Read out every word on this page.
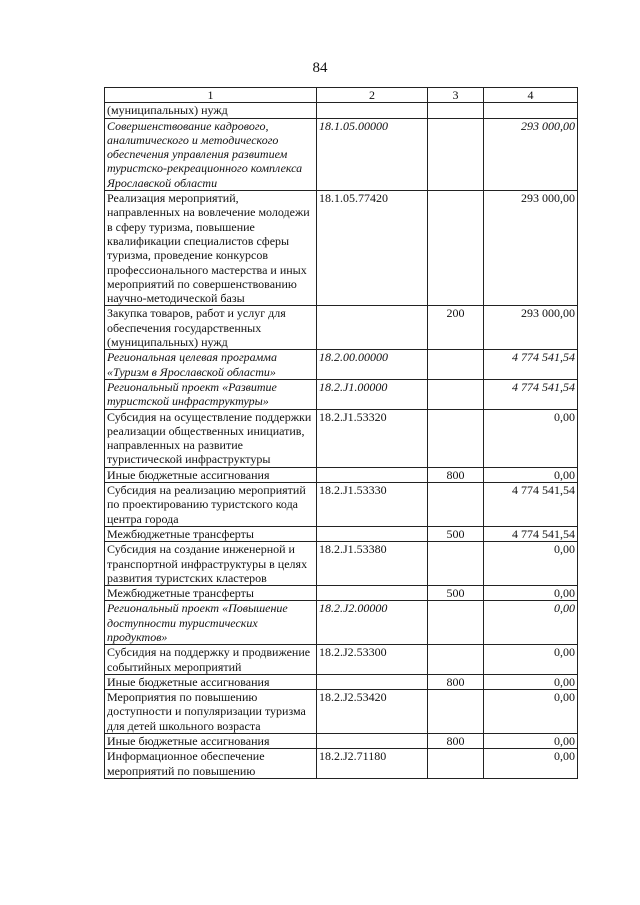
84
1	2	3	4
(муниципальных) нужд			
Совершенствование кадрового, аналитического и методического обеспечения управления развитием туристско-рекреационного комплекса Ярославской области	18.1.05.00000		293 000,00
Реализация мероприятий, направленных на вовлечение молодежи в сферу туризма, повышение квалификации специалистов сферы туризма, проведение конкурсов профессионального мастерства и иных мероприятий по совершенствованию научно-методической базы	18.1.05.77420		293 000,00
Закупка товаров, работ и услуг для обеспечения государственных (муниципальных) нужд		200	293 000,00
Региональная целевая программа «Туризм в Ярославской области»	18.2.00.00000		4 774 541,54
Региональный проект «Развитие туристской инфраструктуры»	18.2.J1.00000		4 774 541,54
Субсидия на осуществление поддержки реализации общественных инициатив, направленных на развитие туристической инфраструктуры	18.2.J1.53320		0,00
Иные бюджетные ассигнования		800	0,00
Субсидия на реализацию мероприятий по проектированию туристского кода центра города	18.2.J1.53330		4 774 541,54
Межбюджетные трансферты		500	4 774 541,54
Субсидия на создание инженерной и транспортной инфраструктуры в целях развития туристских кластеров	18.2.J1.53380		0,00
Межбюджетные трансферты		500	0,00
Региональный проект «Повышение доступности туристических продуктов»	18.2.J2.00000		0,00
Субсидия на поддержку и продвижение событийных мероприятий	18.2.J2.53300		0,00
Иные бюджетные ассигнования		800	0,00
Мероприятия по повышению доступности и популяризации туризма для детей школьного возраста	18.2.J2.53420		0,00
Иные бюджетные ассигнования		800	0,00
Информационное обеспечение мероприятий по повышению	18.2.J2.71180		0,00
